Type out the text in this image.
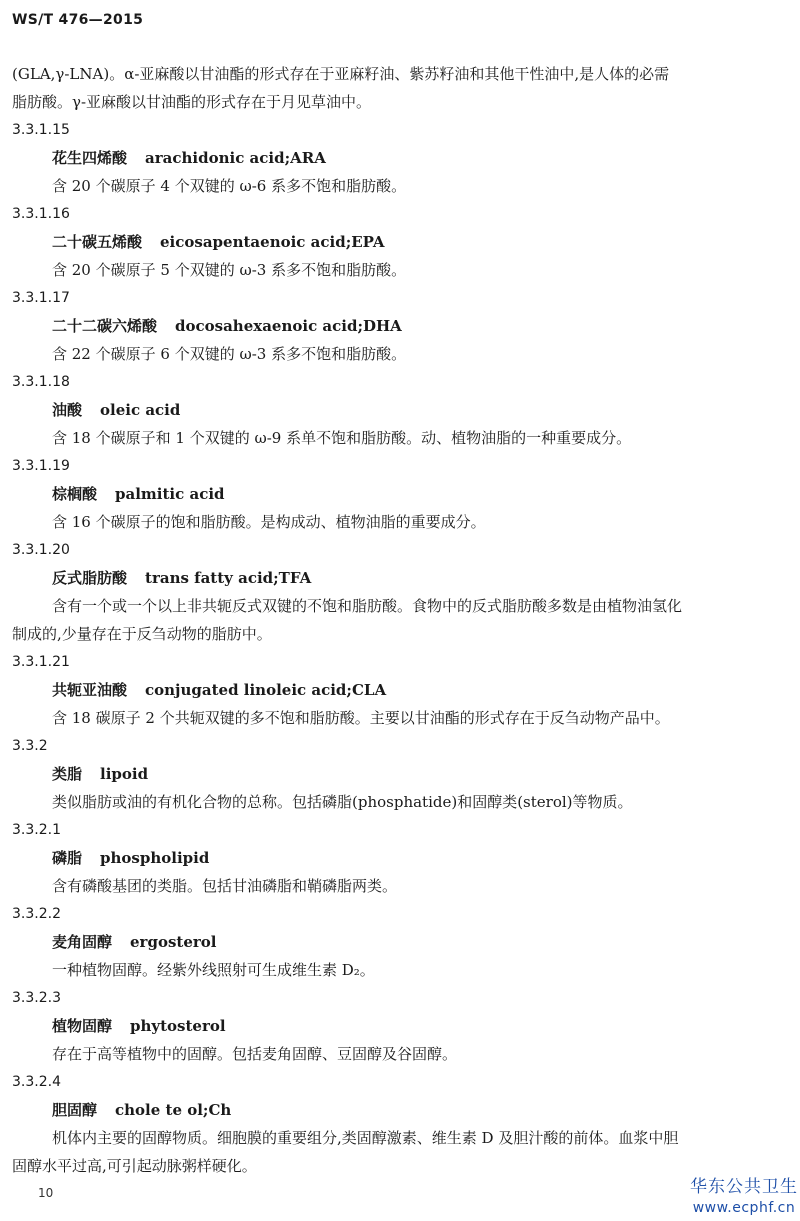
WS/T 476—2015
(GLA,γ-LNA)。α-亚麻酸以甘油酯的形式存在于亚麻籽油、紫苏籽油和其他干性油中,是人体的必需
脂肪酸。γ-亚麻酸以甘油酯的形式存在于月见草油中。
3.3.1.15
花生四烯酸 arachidonic acid;ARA
含 20 个碳原子 4 个双键的 ω-6 系多不饱和脂肪酸。
3.3.1.16
二十碳五烯酸 eicosapentaenoic acid;EPA
含 20 个碳原子 5 个双键的 ω-3 系多不饱和脂肪酸。
3.3.1.17
二十二碳六烯酸 docosahexaenoic acid;DHA
含 22 个碳原子 6 个双键的 ω-3 系多不饱和脂肪酸。
3.3.1.18
油酸 oleic acid
含 18 个碳原子和 1 个双键的 ω-9 系单不饱和脂肪酸。动、植物油脂的一种重要成分。
3.3.1.19
棕榈酸 palmitic acid
含 16 个碳原子的饱和脂肪酸。是构成动、植物油脂的重要成分。
3.3.1.20
反式脂肪酸 trans fatty acid;TFA
含有一个或一个以上非共轭反式双键的不饱和脂肪酸。食物中的反式脂肪酸多数是由植物油氢化
制成的,少量存在于反刍动物的脂肪中。
3.3.1.21
共轭亚油酸 conjugated linoleic acid;CLA
含 18 碳原子 2 个共轭双键的多不饱和脂肪酸。主要以甘油酯的形式存在于反刍动物产品中。
3.3.2
类脂 lipoid
类似脂肪或油的有机化合物的总称。包括磷脂(phosphatide)和固醇类(sterol)等物质。
3.3.2.1
磷脂 phospholipid
含有磷酸基团的类脂。包括甘油磷脂和鞘磷脂两类。
3.3.2.2
麦角固醇 ergosterol
一种植物固醇。经紫外线照射可生成维生素 D₂。
3.3.2.3
植物固醇 phytosterol
存在于高等植物中的固醇。包括麦角固醇、豆固醇及谷固醇。
3.3.2.4
胆固醇 chole te ol;Ch
机体内主要的固醇物质。细胞膜的重要组分,类固醇激素、维生素 D 及胆汁酸的前体。血浆中胆
固醇水平过高,可引起动脉粥样硬化。
10	华东公共卫生
www.ecphf.cn
